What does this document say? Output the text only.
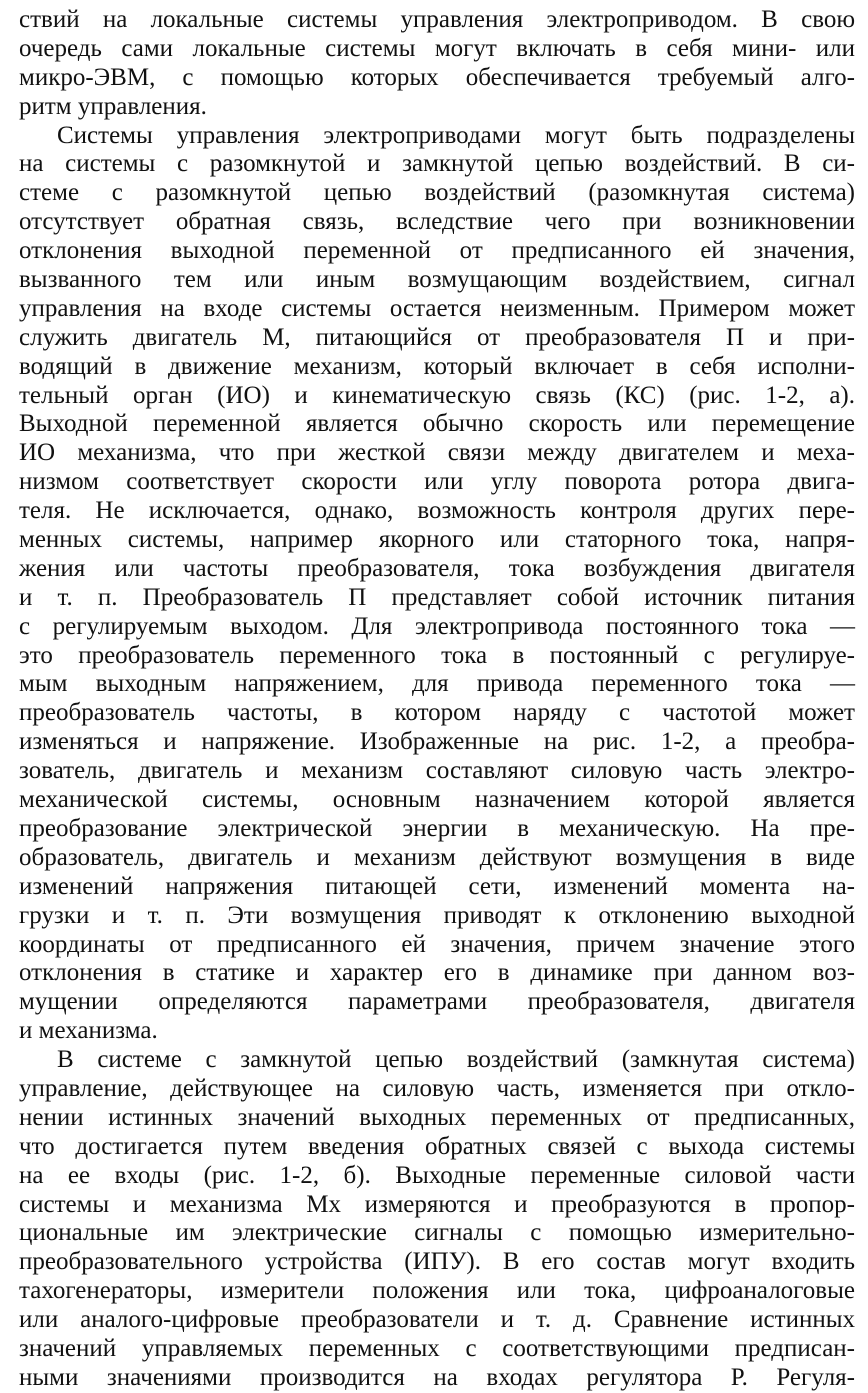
ствий на локальные системы управления электроприводом. В свою
очередь сами локальные системы могут включать в себя мини- или
микро-ЭВМ, с помощью которых обеспечивается требуемый алго-
ритм управления.
Системы управления электроприводами могут быть подразделены
на системы с разомкнутой и замкнутой цепью воздействий. В си-
стеме с разомкнутой цепью воздействий (разомкнутая система)
отсутствует обратная связь, вследствие чего при возникновении
отклонения выходной переменной от предписанного ей значения,
вызванного тем или иным возмущающим воздействием, сигнал
управления на входе системы остается неизменным. Примером может
служить двигатель М, питающийся от преобразователя П и при-
водящий в движение механизм, который включает в себя исполни-
тельный орган (ИО) и кинематическую связь (КС) (рис. 1-2, а).
Выходной переменной является обычно скорость или перемещение
ИО механизма, что при жесткой связи между двигателем и меха-
низмом соответствует скорости или углу поворота ротора двига-
теля. Не исключается, однако, возможность контроля других пере-
менных системы, например якорного или статорного тока, напря-
жения или частоты преобразователя, тока возбуждения двигателя
и т. п. Преобразователь П представляет собой источник питания
с регулируемым выходом. Для электропривода постоянного тока —
это преобразователь переменного тока в постоянный с регулируе-
мым выходным напряжением, для привода переменного тока —
преобразователь частоты, в котором наряду с частотой может
изменяться и напряжение. Изображенные на рис. 1-2, а преобра-
зователь, двигатель и механизм составляют силовую часть электро-
механической системы, основным назначением которой является
преобразование электрической энергии в механическую. На пре-
образователь, двигатель и механизм действуют возмущения в виде
изменений напряжения питающей сети, изменений момента на-
грузки и т. п. Эти возмущения приводят к отклонению выходной
координаты от предписанного ей значения, причем значение этого
отклонения в статике и характер его в динамике при данном воз-
мущении определяются параметрами преобразователя, двигателя
и механизма.
В системе с замкнутой цепью воздействий (замкнутая система)
управление, действующее на силовую часть, изменяется при откло-
нении истинных значений выходных переменных от предписанных,
что достигается путем введения обратных связей с выхода системы
на ее входы (рис. 1-2, б). Выходные переменные силовой части
системы и механизма Мх измеряются и преобразуются в пропор-
циональные им электрические сигналы с помощью измерительно-
преобразовательного устройства (ИПУ). В его состав могут входить
тахогенераторы, измерители положения или тока, цифроаналоговые
или аналого-цифровые преобразователи и т. д. Сравнение истинных
значений управляемых переменных с соответствующими предписан-
ными значениями производится на входах регулятора Р. Регуля-
